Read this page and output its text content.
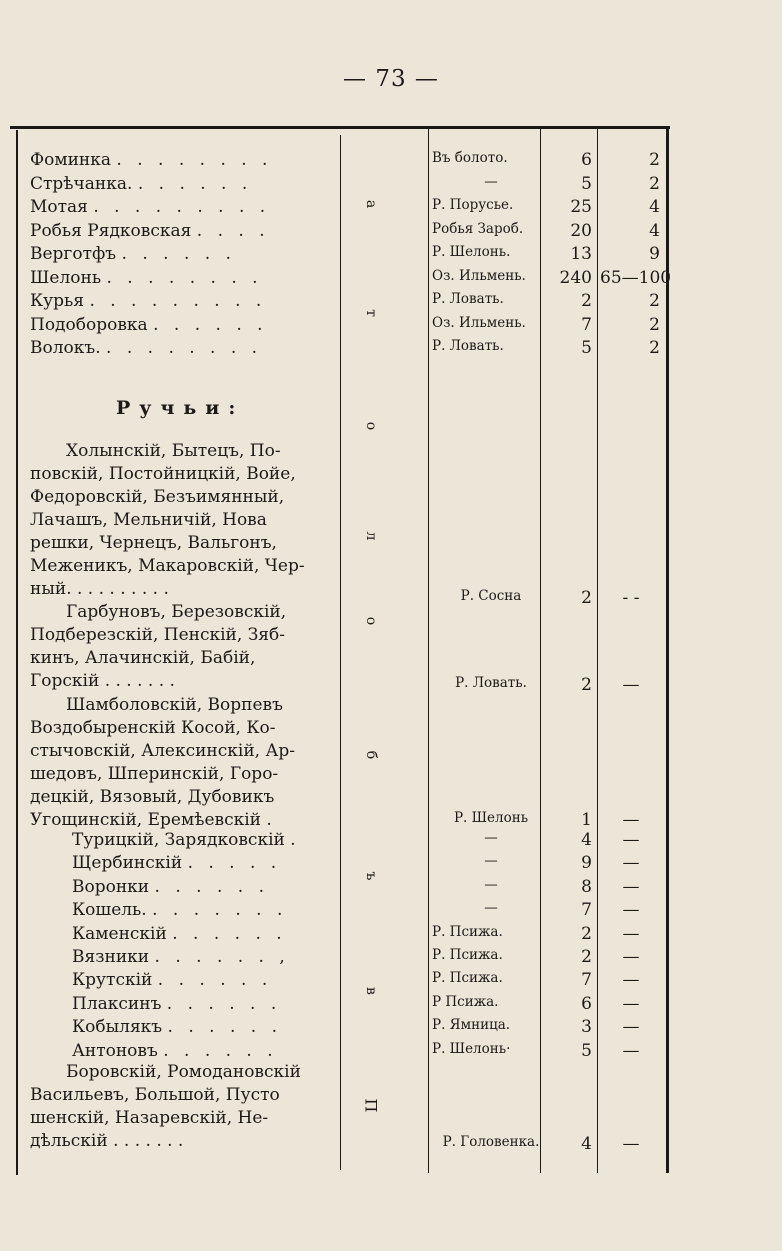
— 73 —
а
т
о
л
о
б
ъ
в
П
Фоминка . . . . . . . .	Въ болото.	6	2
Стрѣчанка. . . . . . .	—	5	2
Мотая . . . . . . . . .	Р. Порусье.	25	4
Робья Рядковская . . . .	Робья Зароб.	20	4
Верготфъ . . . . . .	Р. Шелонь.	13	9
Шелонь . . . . . . . .	Оз. Ильмень.	240 65—100
Курья . . . . . . . . .	Р. Ловать.	2	2
Подоборовка . . . . . .	Оз. Ильмень.	7	2
Волокъ. . . . . . . . .	Р. Ловать.	5	2
Ручьи:
Холынскій, Бытецъ, По-
повскій, Постойницкій, Войе,
Федоровскій, Безъимянный,
Лачашъ, Мельничій, Нова
решки, Чернецъ, Вальгонъ,
Меженикъ, Макаровскій, Чер-
ный. . . . . . . . . .	Р. Сосна	2	- -
Гарбуновъ, Березовскій,
Подберезскій, Пенскій, Зяб-
кинъ, Алачинскій, Бабій,
Горскій . . . . . . .	Р. Ловать.	2	—
Шамболовскій, Ворпевъ
Воздобыренскій Косой, Ко-
стычовскій, Алексинскій, Ар-
шедовъ, Шперинскій, Горо-
децкій, Вязовый, Дубовикъ
Угощинскій, Еремѣевскій .	Р. Шелонь	1	—
Турицкій, Зарядковскій .	—	4	—
Щербинскій . . . . .	—	9	—
Воронки . . . . . .	—	8	—
Кошель. . . . . . . .	—	7	—
Каменскій . . . . . .	Р. Псижа.	2	—
Вязники . . . . . . ,	Р. Псижа.	2	—
Крутскій . . . . . .	Р. Псижа.	7	—
Плаксинъ . . . . . .	Р Псижа.	6	—
Кобылякъ . . . . . .	Р. Ямница.	3	—
Антоновъ . . . . . .	Р. Шелонь·	5	—
Боровскій, Ромодановскій
Васильевъ, Большой, Пусто
шенскій, Назаревскій, Не-
дѣльскій . . . . . . .	Р. Головенка.	4	—
